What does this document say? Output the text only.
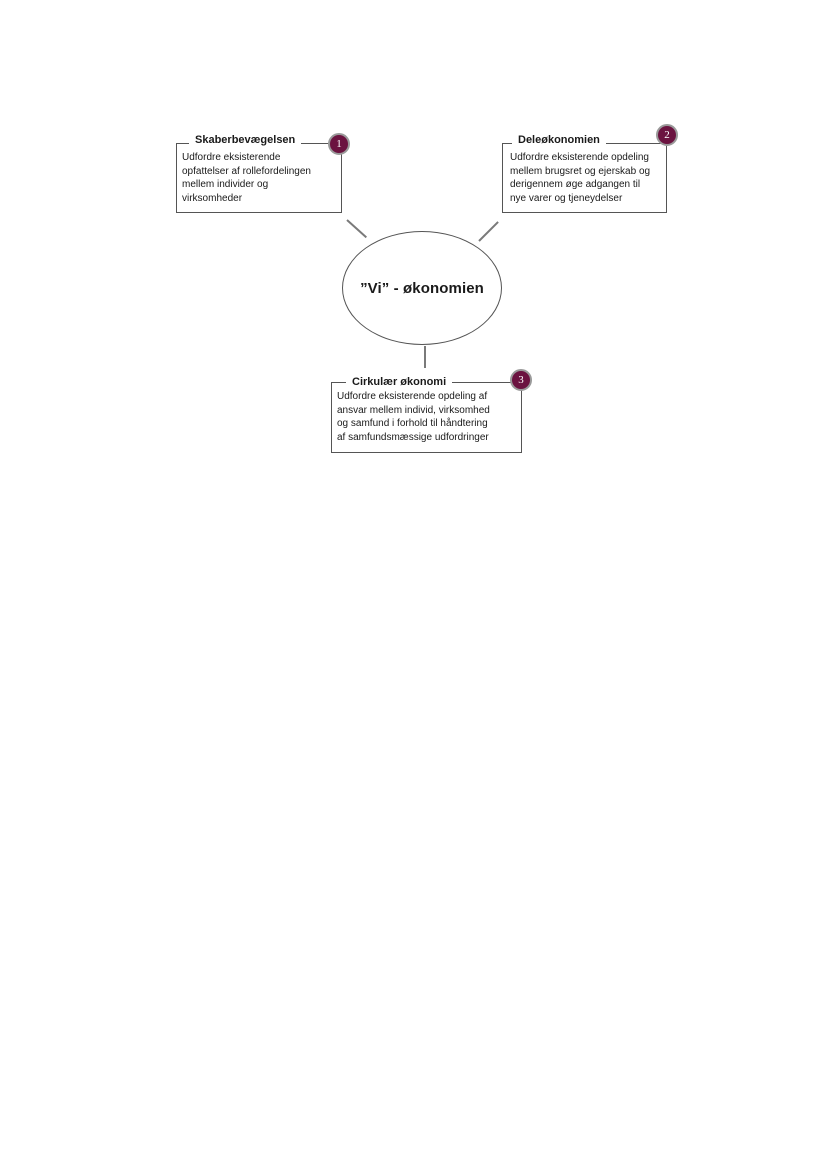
”Vi” - økonomien
Skaberbevægelsen
Udfordre eksisterende
opfattelser af rollefordelingen
mellem individer og
virksomheder
1	Deleøkonomien
Udfordre eksisterende opdeling
mellem brugsret og ejerskab og
derigennem øge adgangen til
nye varer og tjeneydelser
2
Cirkulær økonomi
Udfordre eksisterende opdeling af
ansvar mellem individ, virksomhed
og samfund i forhold til håndtering
af samfundsmæssige udfordringer
3
